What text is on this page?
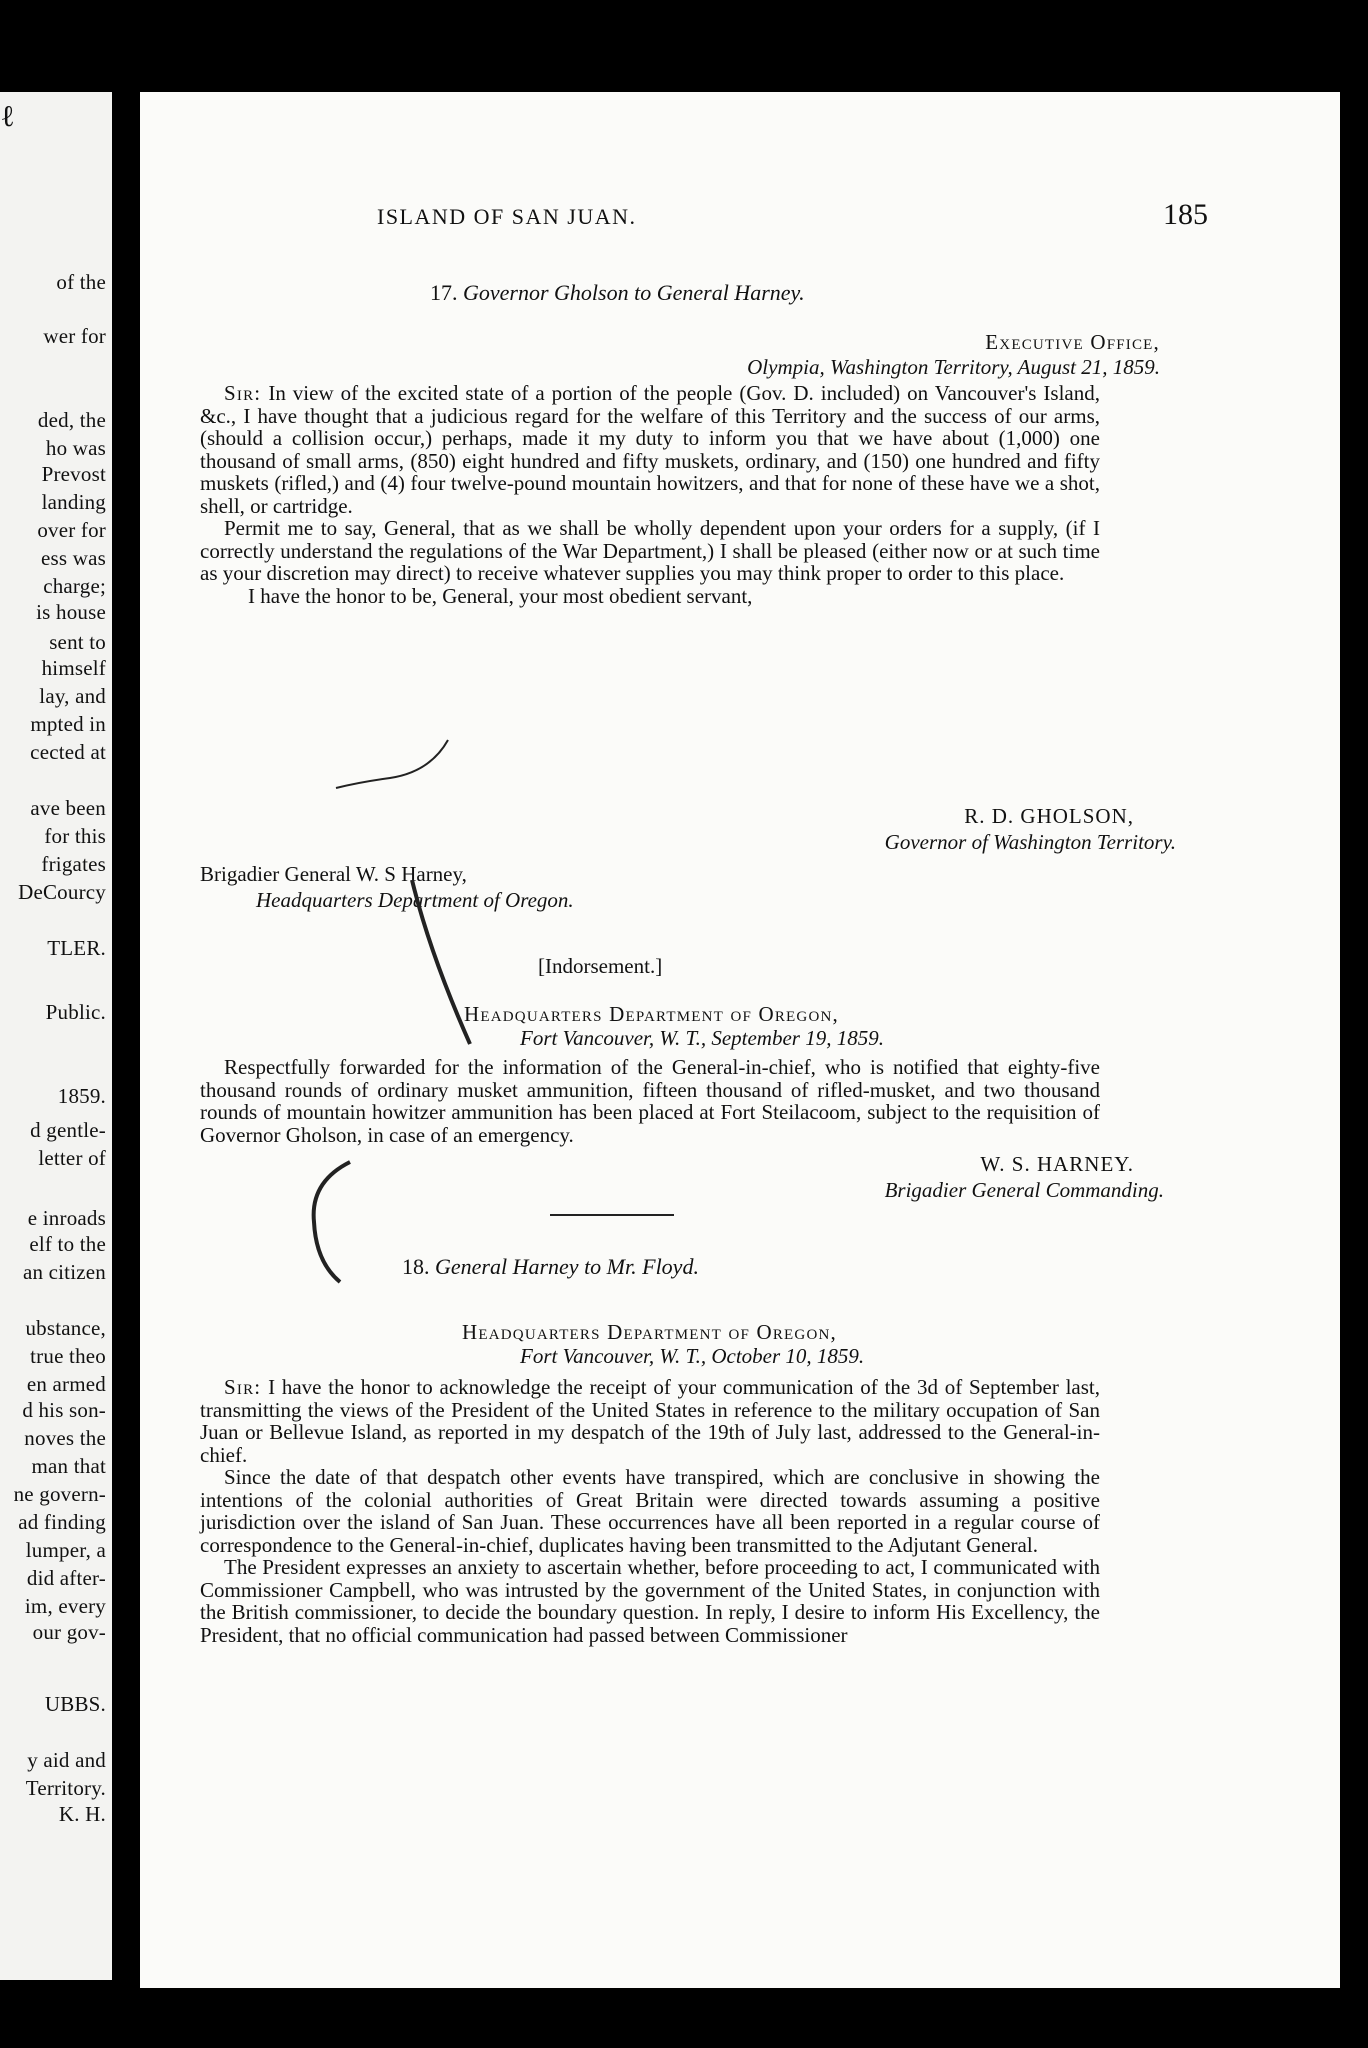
ℓ
of the
wer for
ded, the
ho was
Prevost
landing
over for
ess was
charge;
is house
sent to
himself
lay, and
mpted in
cected at
ave been
for this
frigates
DeCourcy
TLER.
Public.
1859.
d gentle-
letter of
e inroads
elf to the
an citizen
ubstance,
true theo
en armed
d his son-
noves the
man that
ne govern-
ad finding
lumper, a
did after-
im, every
our gov-
UBBS.
y aid and
Territory.
K. H.
ISLAND OF SAN JUAN.	185
17. Governor Gholson to General Harney.
Executive Office,
Olympia, Washington Territory, August 21, 1859.

Sir: In view of the excited state of a portion of the people (Gov. D. included) on Vancouver's Island, &c., I have thought that a judicious regard for the welfare of this Territory and the success of our arms, (should a collision occur,) perhaps, made it my duty to inform you that we have about (1,000) one thousand of small arms, (850) eight hundred and fifty muskets, ordinary, and (150) one hundred and fifty muskets (rifled,) and (4) four twelve-pound mountain howitzers, and that for none of these have we a shot, shell, or cartridge.

Permit me to say, General, that as we shall be wholly dependent upon your orders for a supply, (if I correctly understand the regulations of the War Department,) I shall be pleased (either now or at such time as your discretion may direct) to receive whatever supplies you may think proper to order to this place.

I have the honor to be, General, your most obedient servant,

R. D. GHOLSON,
Governor of Washington Territory.
Brigadier General W. S Harney,
Headquarters Department of Oregon.
[Indorsement.]
Headquarters Department of Oregon,
Fort Vancouver, W. T., September 19, 1859.

Respectfully forwarded for the information of the General-in-chief, who is notified that eighty-five thousand rounds of ordinary musket ammunition, fifteen thousand of rifled-musket, and two thousand rounds of mountain howitzer ammunition has been placed at Fort Steilacoom, subject to the requisition of Governor Gholson, in case of an emergency.

W. S. HARNEY.
Brigadier General Commanding.
18. General Harney to Mr. Floyd.
Headquarters Department of Oregon,
Fort Vancouver, W. T., October 10, 1859.

Sir: I have the honor to acknowledge the receipt of your communication of the 3d of September last, transmitting the views of the President of the United States in reference to the military occupation of San Juan or Bellevue Island, as reported in my despatch of the 19th of July last, addressed to the General-in-chief.

Since the date of that despatch other events have transpired, which are conclusive in showing the intentions of the colonial authorities of Great Britain were directed towards assuming a positive jurisdiction over the island of San Juan. These occurrences have all been reported in a regular course of correspondence to the General-in-chief, duplicates having been transmitted to the Adjutant General.

The President expresses an anxiety to ascertain whether, before proceeding to act, I communicated with Commissioner Campbell, who was intrusted by the government of the United States, in conjunction with the British commissioner, to decide the boundary question. In reply, I desire to inform His Excellency, the President, that no official communication had passed between Commissioner
